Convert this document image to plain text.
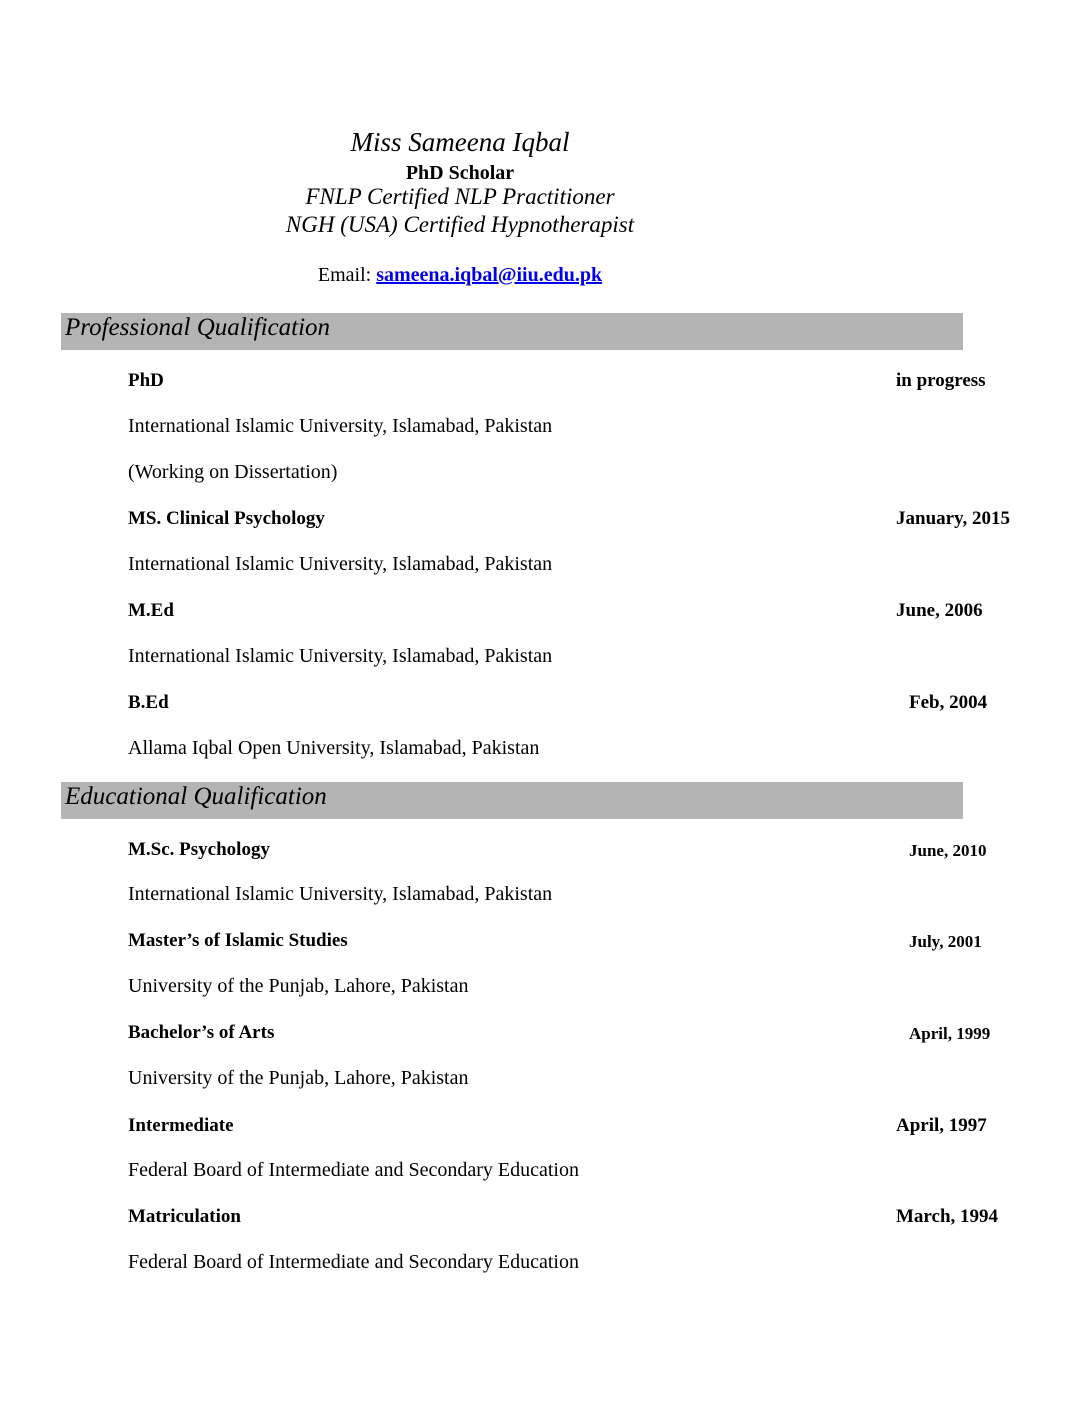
Miss Sameena Iqbal
PhD Scholar
FNLP Certified NLP Practitioner
NGH (USA) Certified Hypnotherapist
Email: sameena.iqbal@iiu.edu.pk
Professional Qualification
PhD	in progress
International Islamic University, Islamabad, Pakistan
(Working on Dissertation)
MS. Clinical Psychology	January, 2015
International Islamic University, Islamabad, Pakistan
M.Ed	June, 2006
International Islamic University, Islamabad, Pakistan
B.Ed	Feb, 2004
Allama Iqbal Open University, Islamabad, Pakistan
Educational Qualification
M.Sc. Psychology	June, 2010
International Islamic University, Islamabad, Pakistan
Master’s of Islamic Studies	July, 2001
University of the Punjab, Lahore, Pakistan
Bachelor’s of Arts	April, 1999
University of the Punjab, Lahore, Pakistan
Intermediate	April, 1997
Federal Board of Intermediate and Secondary Education
Matriculation	March, 1994
Federal Board of Intermediate and Secondary Education
